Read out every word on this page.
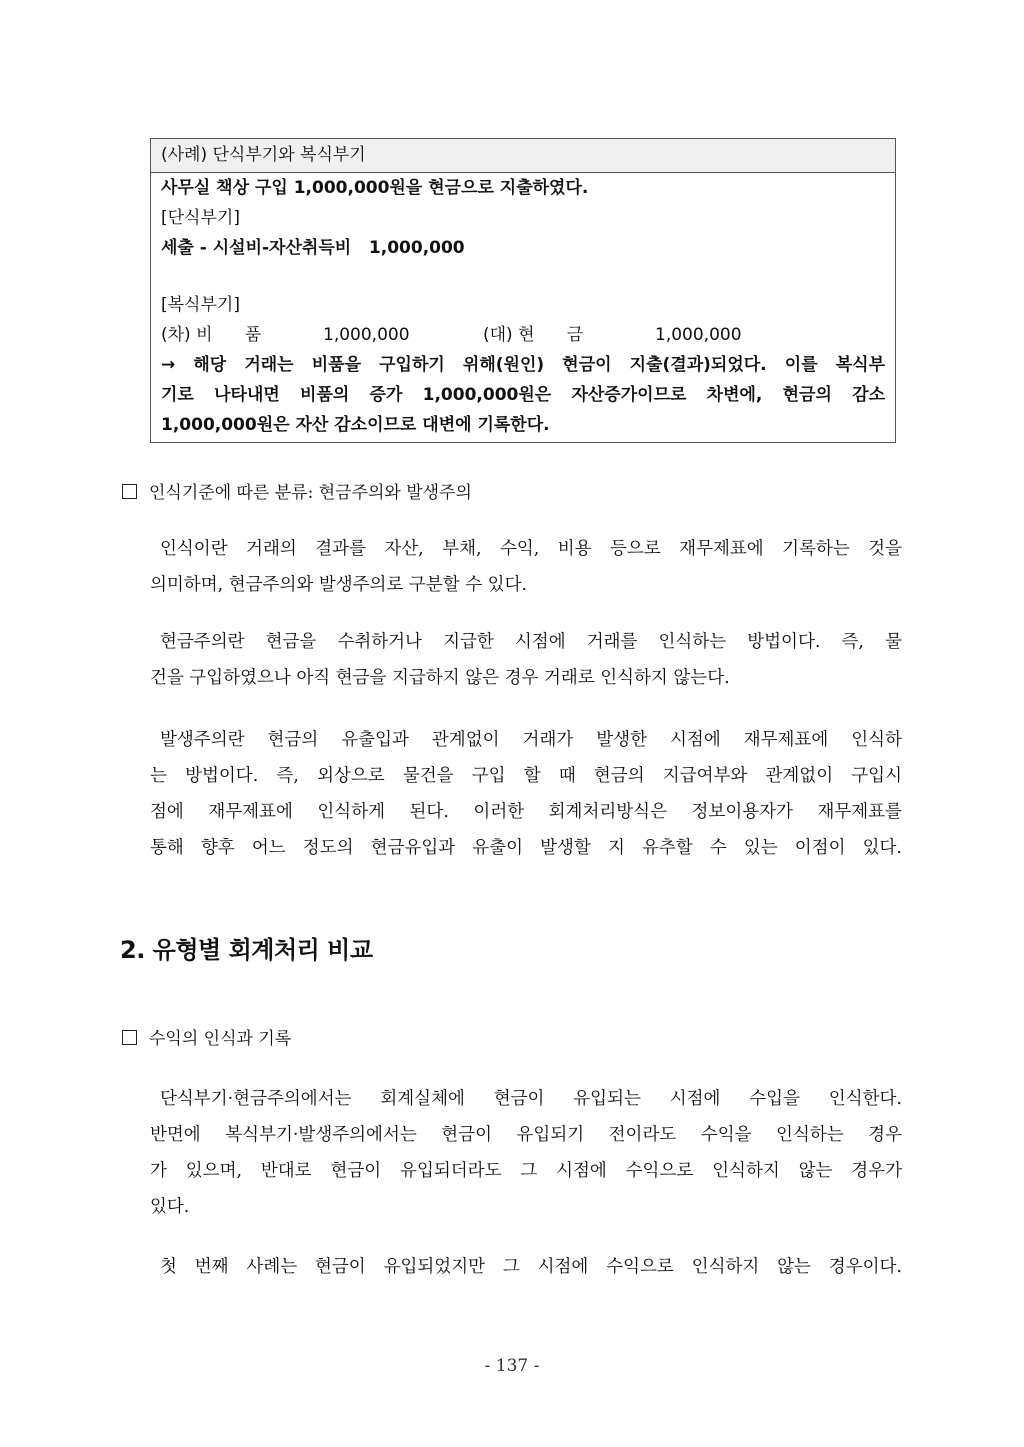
(사례) 단식부기와 복식부기
사무실 책상 구입 1,000,000원을 현금으로 지출하였다.
[단식부기]
세출 - 시설비-자산취득비   1,000,000
[복식부기]
(차) 비      품	1,000,000	(대) 현      금	1,000,000
→ 해당 거래는 비품을 구입하기 위해(원인) 현금이 지출(결과)되었다. 이를 복식부
기로 나타내면 비품의 증가 1,000,000원은 자산증가이므로 차변에, 현금의 감소
1,000,000원은 자산 감소이므로 대변에 기록한다.
인식기준에 따른 분류: 현금주의와 발생주의
인식이란 거래의 결과를 자산, 부채, 수익, 비용 등으로 재무제표에 기록하는 것을
의미하며, 현금주의와 발생주의로 구분할 수 있다.
현금주의란 현금을 수취하거나 지급한 시점에 거래를 인식하는 방법이다. 즉, 물
건을 구입하였으나 아직 현금을 지급하지 않은 경우 거래로 인식하지 않는다.
발생주의란 현금의 유출입과 관계없이 거래가 발생한 시점에 재무제표에 인식하
는 방법이다. 즉, 외상으로 물건을 구입 할 때 현금의 지급여부와 관계없이 구입시
점에 재무제표에 인식하게 된다. 이러한 회계처리방식은 정보이용자가 재무제표를
통해 향후 어느 정도의 현금유입과 유출이 발생할 지 유추할 수 있는 이점이 있다.
2. 유형별 회계처리 비교
수익의 인식과 기록
단식부기·현금주의에서는 회계실체에 현금이 유입되는 시점에 수입을 인식한다.
반면에 복식부기·발생주의에서는 현금이 유입되기 전이라도 수익을 인식하는 경우
가 있으며, 반대로 현금이 유입되더라도 그 시점에 수익으로 인식하지 않는 경우가
있다.
첫 번째 사례는 현금이 유입되었지만 그 시점에 수익으로 인식하지 않는 경우이다.
- 137 -
